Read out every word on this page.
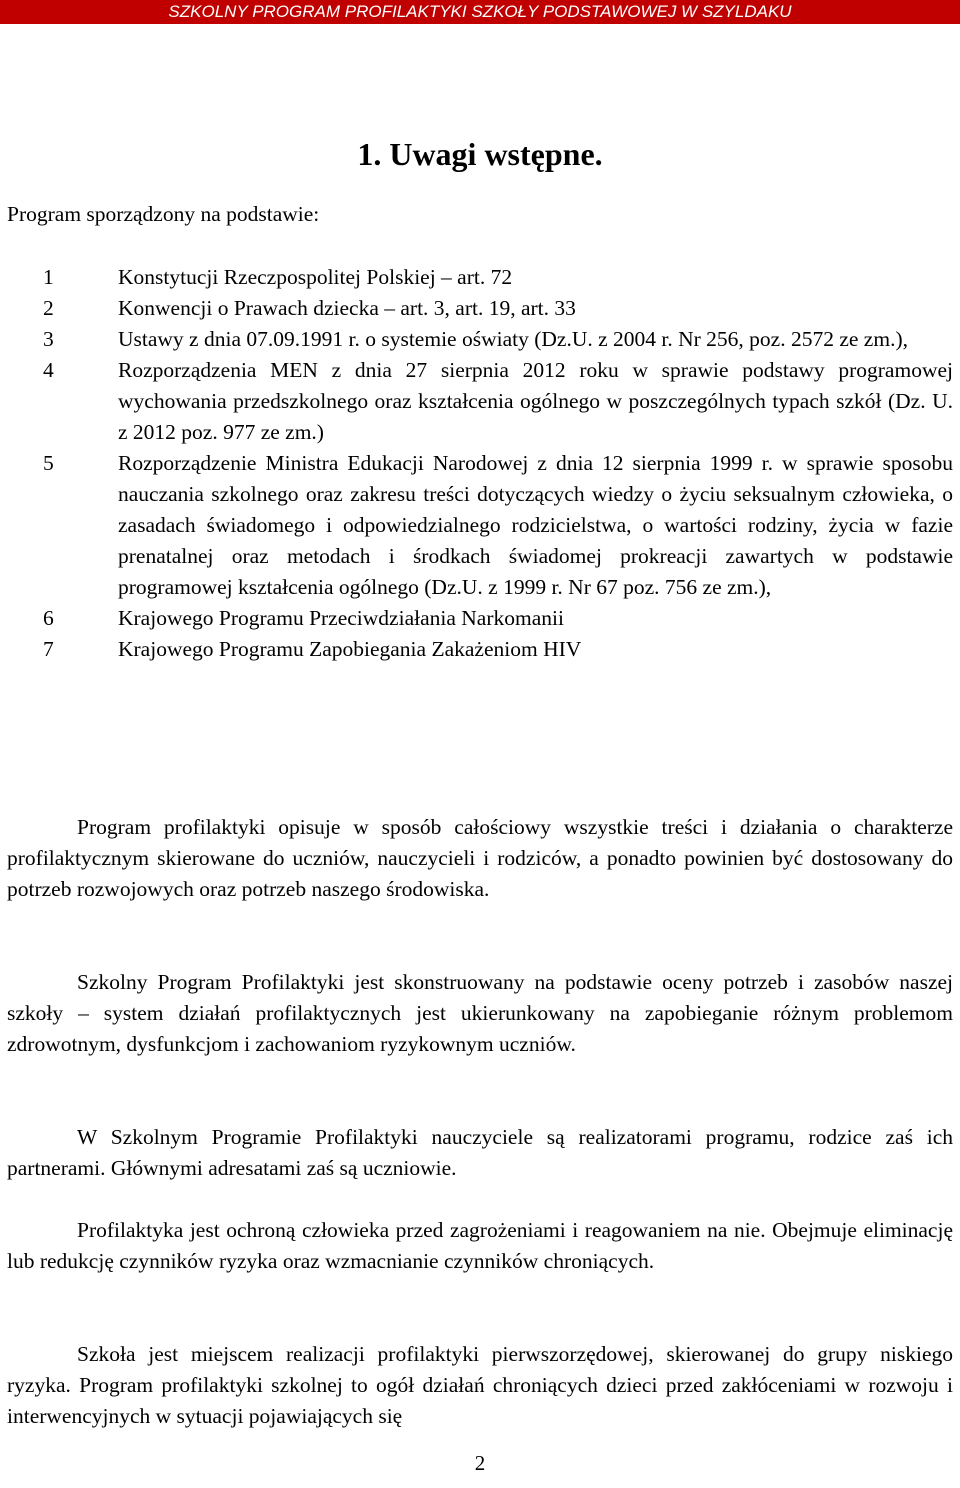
SZKOLNY PROGRAM PROFILAKTYKI SZKOŁY PODSTAWOWEJ W SZYLDAKU
1. Uwagi wstępne.
Program sporządzony na podstawie:
1	Konstytucji Rzeczpospolitej Polskiej – art. 72
2	Konwencji o Prawach dziecka – art. 3, art. 19, art. 33
3	Ustawy z dnia 07.09.1991 r. o systemie oświaty (Dz.U. z 2004 r. Nr 256, poz. 2572 ze zm.),
4	Rozporządzenia MEN z dnia 27 sierpnia 2012 roku w sprawie podstawy programowej wychowania przedszkolnego oraz kształcenia ogólnego w poszczególnych typach szkół (Dz. U. z 2012 poz. 977 ze zm.)
5	Rozporządzenie Ministra Edukacji Narodowej z dnia 12 sierpnia 1999 r. w sprawie sposobu nauczania szkolnego oraz zakresu treści dotyczących wiedzy o życiu seksualnym człowieka, o zasadach świadomego i odpowiedzialnego rodzicielstwa, o wartości rodziny, życia w fazie prenatalnej oraz metodach i środkach świadomej prokreacji zawartych w podstawie programowej kształcenia ogólnego (Dz.U. z 1999 r. Nr 67 poz. 756 ze zm.),
6	Krajowego Programu Przeciwdziałania Narkomanii
7	Krajowego Programu Zapobiegania Zakażeniom HIV

Program profilaktyki opisuje w sposób całościowy wszystkie treści i działania o charakterze profilaktycznym skierowane do uczniów, nauczycieli i rodziców, a ponadto powinien być dostosowany do potrzeb rozwojowych oraz potrzeb naszego środowiska.

Szkolny Program Profilaktyki jest skonstruowany na podstawie oceny potrzeb i zasobów naszej szkoły – system działań profilaktycznych jest ukierunkowany na zapobieganie różnym problemom zdrowotnym, dysfunkcjom i zachowaniom ryzykownym uczniów.

W Szkolnym Programie Profilaktyki nauczyciele są realizatorami programu, rodzice zaś ich partnerami. Głównymi adresatami zaś są uczniowie.

Profilaktyka jest ochroną człowieka przed zagrożeniami i reagowaniem na nie. Obejmuje eliminację lub redukcję czynników ryzyka oraz wzmacnianie czynników chroniących.

Szkoła jest miejscem realizacji profilaktyki pierwszorzędowej, skierowanej do grupy niskiego ryzyka. Program profilaktyki szkolnej to ogół działań chroniących dzieci przed zakłóceniami w rozwoju i interwencyjnych w sytuacji pojawiających się

2
